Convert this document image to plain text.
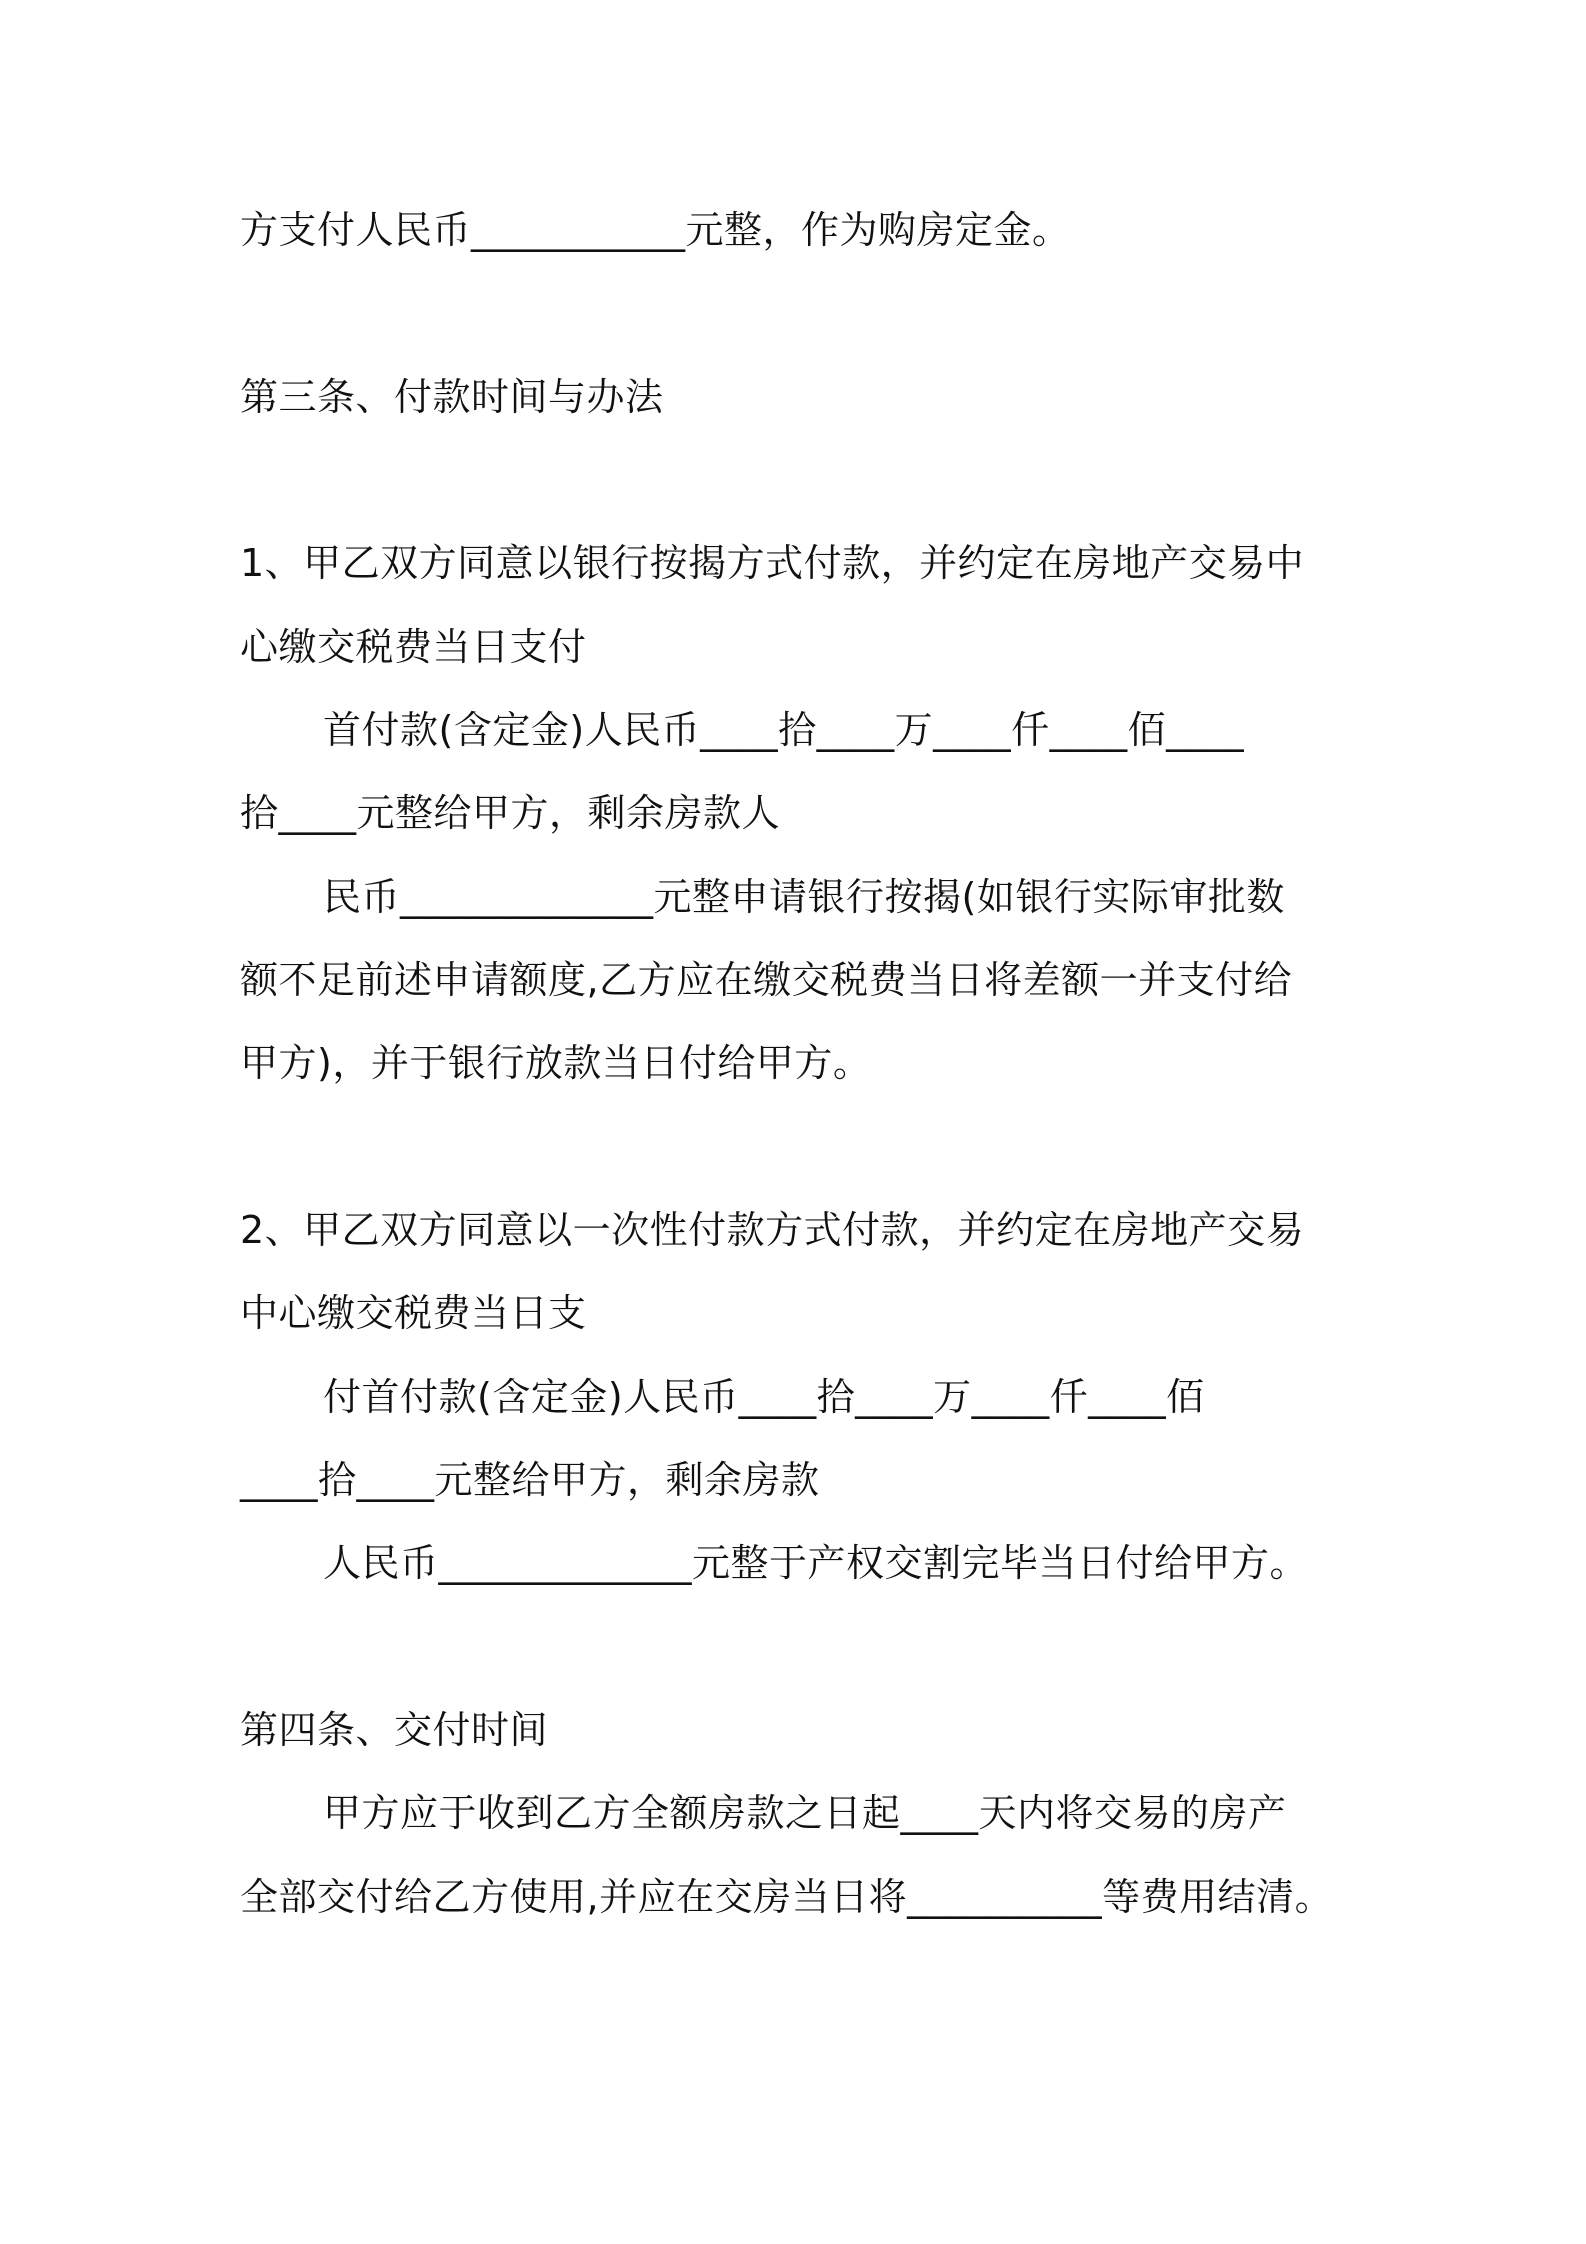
方支付人民币___________元整，作为购房定金。
第三条、付款时间与办法
1、甲乙双方同意以银行按揭方式付款，并约定在房地产交易中
心缴交税费当日支付
首付款(含定金)人民币____拾____万____仟____佰____
拾____元整给甲方，剩余房款人
民币_____________元整申请银行按揭(如银行实际审批数
额不足前述申请额度,乙方应在缴交税费当日将差额一并支付给
甲方)，并于银行放款当日付给甲方。
2、甲乙双方同意以一次性付款方式付款，并约定在房地产交易
中心缴交税费当日支
付首付款(含定金)人民币____拾____万____仟____佰
____拾____元整给甲方，剩余房款
人民币_____________元整于产权交割完毕当日付给甲方。
第四条、交付时间
甲方应于收到乙方全额房款之日起____天内将交易的房产
全部交付给乙方使用,并应在交房当日将__________等费用结清。
